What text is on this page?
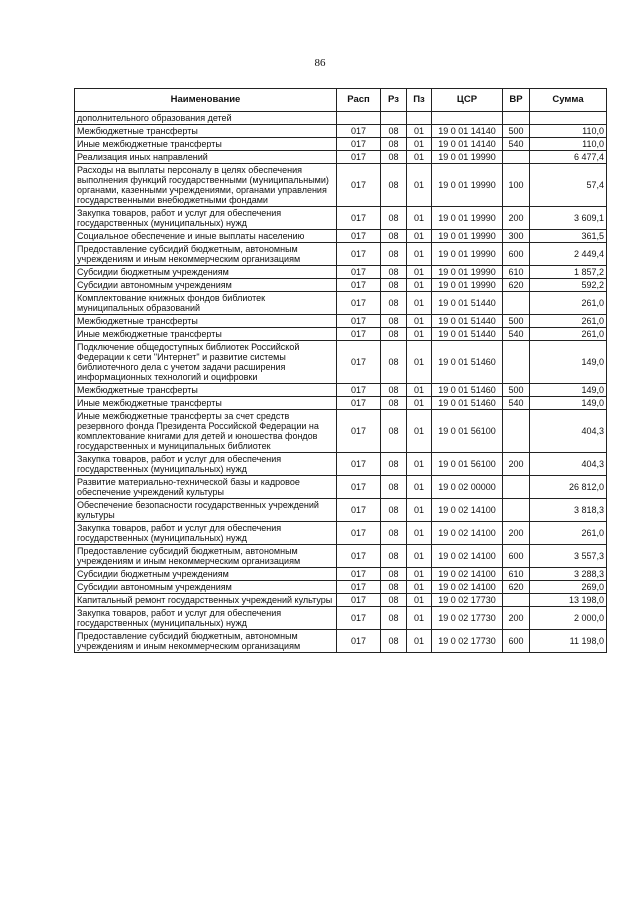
86
Наименование	Расп	Рз	Пз	ЦСР	ВР	Сумма
дополнительного образования детей						
Межбюджетные трансферты	017	08	01	19 0 01 14140	500	110,0
Иные межбюджетные трансферты	017	08	01	19 0 01 14140	540	110,0
Реализация иных направлений	017	08	01	19 0 01 19990		6 477,4
Расходы на выплаты персоналу в целях обеспечения выполнения функций государственными (муниципальными) органами, казенными учреждениями, органами управления государственными внебюджетными фондами	017	08	01	19 0 01 19990	100	57,4
Закупка товаров, работ и услуг для обеспечения государственных (муниципальных) нужд	017	08	01	19 0 01 19990	200	3 609,1
Социальное обеспечение и иные выплаты населению	017	08	01	19 0 01 19990	300	361,5
Предоставление субсидий бюджетным, автономным учреждениям и иным некоммерческим организациям	017	08	01	19 0 01 19990	600	2 449,4
Субсидии бюджетным учреждениям	017	08	01	19 0 01 19990	610	1 857,2
Субсидии автономным учреждениям	017	08	01	19 0 01 19990	620	592,2
Комплектование книжных фондов библиотек муниципальных образований	017	08	01	19 0 01 51440		261,0
Межбюджетные трансферты	017	08	01	19 0 01 51440	500	261,0
Иные межбюджетные трансферты	017	08	01	19 0 01 51440	540	261,0
Подключение общедоступных библиотек Российской Федерации к сети "Интернет" и развитие системы библиотечного дела с учетом задачи расширения информационных технологий и оцифровки	017	08	01	19 0 01 51460		149,0
Межбюджетные трансферты	017	08	01	19 0 01 51460	500	149,0
Иные межбюджетные трансферты	017	08	01	19 0 01 51460	540	149,0
Иные межбюджетные трансферты за счет средств резервного фонда Президента Российской Федерации на комплектование книгами для детей и юношества фондов государственных и муниципальных библиотек	017	08	01	19 0 01 56100		404,3
Закупка товаров, работ и услуг для обеспечения государственных (муниципальных) нужд	017	08	01	19 0 01 56100	200	404,3
Развитие материально-технической базы и кадровое обеспечение учреждений культуры	017	08	01	19 0 02 00000		26 812,0
Обеспечение безопасности государственных учреждений культуры	017	08	01	19 0 02 14100		3 818,3
Закупка товаров, работ и услуг для обеспечения государственных (муниципальных) нужд	017	08	01	19 0 02 14100	200	261,0
Предоставление субсидий бюджетным, автономным учреждениям и иным некоммерческим организациям	017	08	01	19 0 02 14100	600	3 557,3
Субсидии бюджетным учреждениям	017	08	01	19 0 02 14100	610	3 288,3
Субсидии автономным учреждениям	017	08	01	19 0 02 14100	620	269,0
Капитальный ремонт государственных учреждений культуры	017	08	01	19 0 02 17730		13 198,0
Закупка товаров, работ и услуг для обеспечения государственных (муниципальных) нужд	017	08	01	19 0 02 17730	200	2 000,0
Предоставление субсидий бюджетным, автономным учреждениям и иным некоммерческим организациям	017	08	01	19 0 02 17730	600	11 198,0
